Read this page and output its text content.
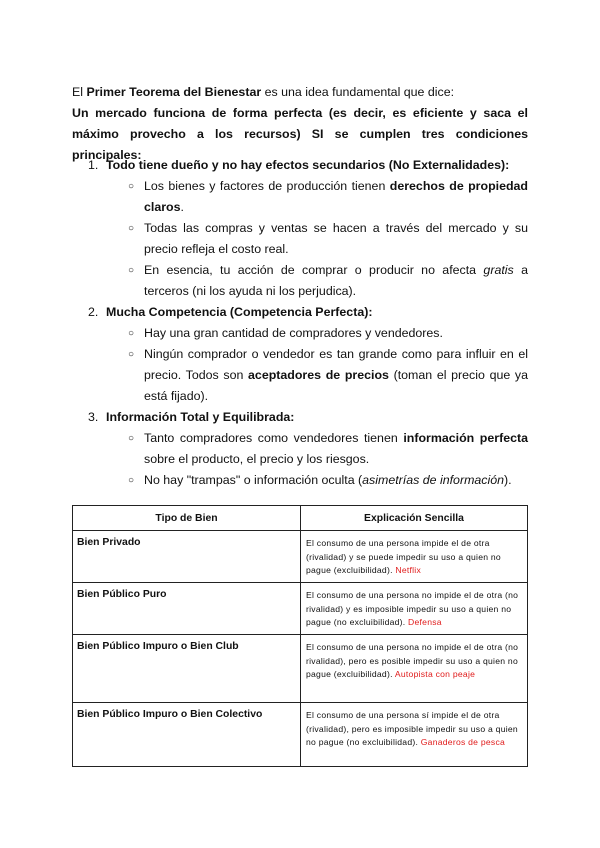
El Primer Teorema del Bienestar es una idea fundamental que dice:
Un mercado funciona de forma perfecta (es decir, es eficiente y saca el máximo provecho a los recursos) SI se cumplen tres condiciones principales:
1. Todo tiene dueño y no hay efectos secundarios (No Externalidades):
○ Los bienes y factores de producción tienen derechos de propiedad claros.
○ Todas las compras y ventas se hacen a través del mercado y su precio refleja el costo real.
○ En esencia, tu acción de comprar o producir no afecta gratis a terceros (ni los ayuda ni los perjudica).
2. Mucha Competencia (Competencia Perfecta):
○ Hay una gran cantidad de compradores y vendedores.
○ Ningún comprador o vendedor es tan grande como para influir en el precio. Todos son aceptadores de precios (toman el precio que ya está fijado).
3. Información Total y Equilibrada:
○ Tanto compradores como vendedores tienen información perfecta sobre el producto, el precio y los riesgos.
○ No hay "trampas" o información oculta (asimetrías de información).
Tipo de Bien	Explicación Sencilla
Bien Privado	El consumo de una persona impide el de otra (rivalidad) y se puede impedir su uso a quien no pague (excluibilidad). Netflix
Bien Público Puro	El consumo de una persona no impide el de otra (no rivalidad) y es imposible impedir su uso a quien no pague (no excluibilidad). Defensa
Bien Público Impuro o Bien Club	El consumo de una persona no impide el de otra (no rivalidad), pero es posible impedir su uso a quien no pague (excluibilidad). Autopista con peaje
Bien Público Impuro o Bien Colectivo	El consumo de una persona sí impide el de otra (rivalidad), pero es imposible impedir su uso a quien no pague (no excluibilidad). Ganaderos de pesca
